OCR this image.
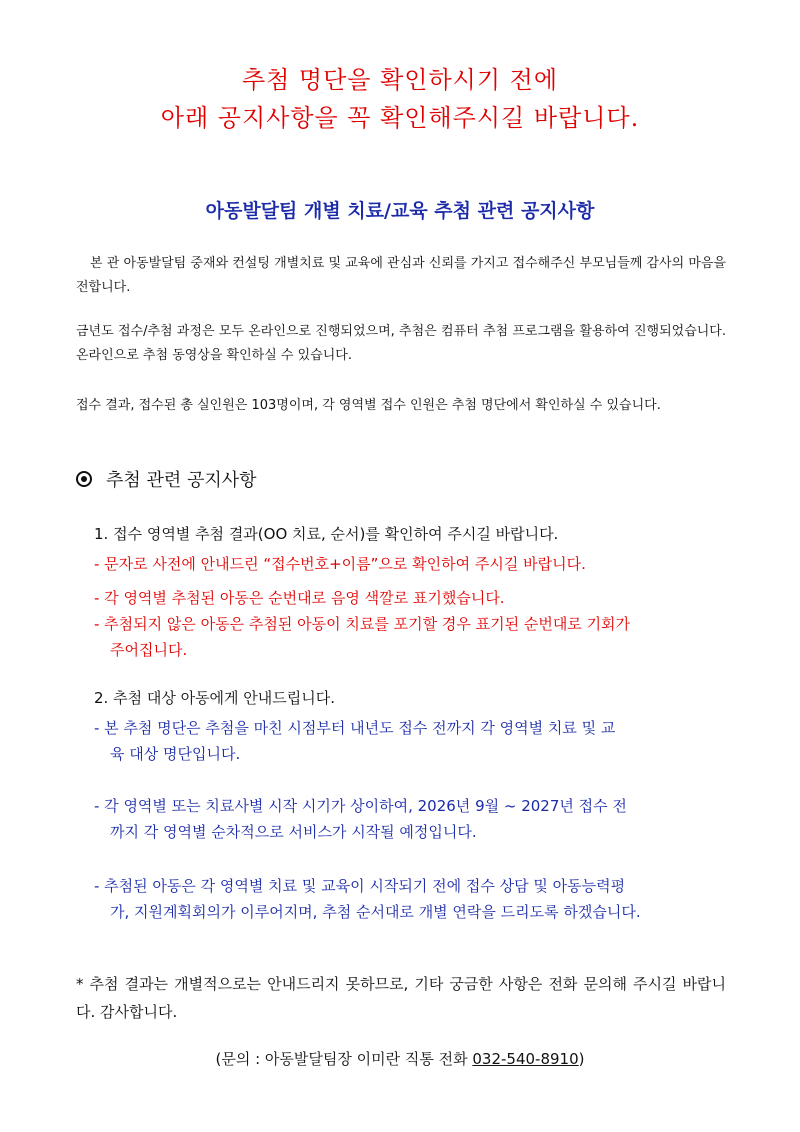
추첨 명단을 확인하시기 전에
아래 공지사항을 꼭 확인해주시길 바랍니다.
아동발달팀 개별 치료/교육 추첨 관련 공지사항
본 관 아동발달팀 중재와 컨설팅 개별치료 및 교육에 관심과 신뢰를 가지고 접수해주신 부모님들께 감사의 마음을 전합니다.
금년도 접수/추첨 과정은 모두 온라인으로 진행되었으며, 추첨은 컴퓨터 추첨 프로그램을 활용하여 진행되었습니다. 온라인으로 추첨 동영상을 확인하실 수 있습니다.
접수 결과, 접수된 총 실인원은 103명이며, 각 영역별 접수 인원은 추첨 명단에서 확인하실 수 있습니다.
추첨 관련 공지사항
1. 접수 영역별 추첨 결과(OO 치료, 순서)를 확인하여 주시길 바랍니다.
- 문자로 사전에 안내드린 “접수번호+이름”으로 확인하여 주시길 바랍니다.
- 각 영역별 추첨된 아동은 순번대로 음영 색깔로 표기했습니다.
- 추첨되지 않은 아동은 추첨된 아동이 치료를 포기할 경우 표기된 순번대로 기회가
주어집니다.
2. 추첨 대상 아동에게 안내드립니다.
- 본 추첨 명단은 추첨을 마친 시점부터 내년도 접수 전까지 각 영역별 치료 및 교
육 대상 명단입니다.
- 각 영역별 또는 치료사별 시작 시기가 상이하여, 2026년 9월 ~ 2027년 접수 전
까지 각 영역별 순차적으로 서비스가 시작될 예정입니다.
- 추첨된 아동은 각 영역별 치료 및 교육이 시작되기 전에 접수 상담 및 아동능력평
가, 지원계획회의가 이루어지며, 추첨 순서대로 개별 연락을 드리도록 하겠습니다.
* 추첨 결과는 개별적으로는 안내드리지 못하므로, 기타 궁금한 사항은 전화 문의해 주시길 바랍니다. 감사합니다.
(문의 : 아동발달팀장 이미란 직통 전화 032-540-8910)
